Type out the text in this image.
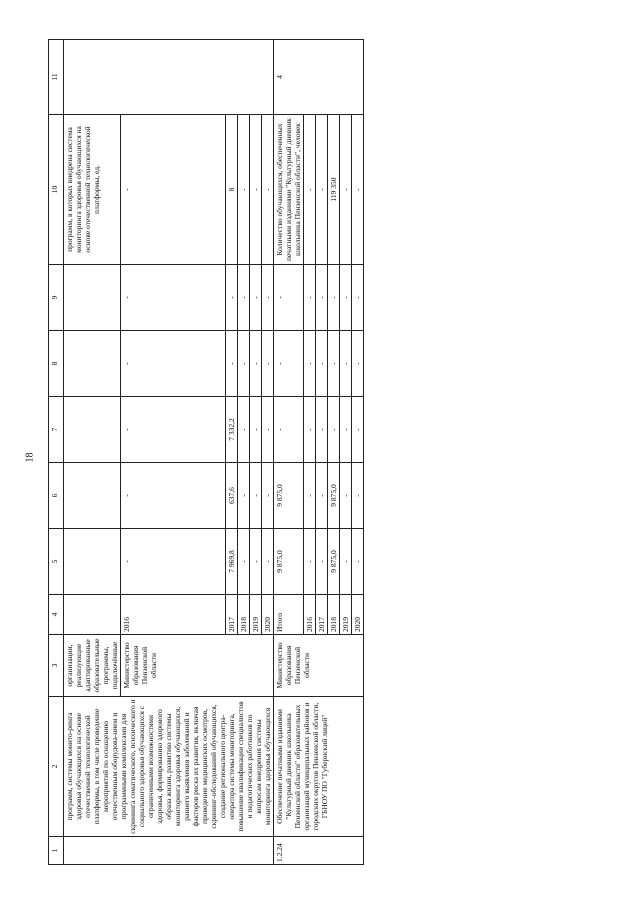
18
1	2	3	4	5	6	7	8	9	10	11
	программ, системы монито-ринга здоровья обучающихся на основе отечественной технологической платформы, в том числе проведение мероприятий по оснащению отечественным оборудова-нием и программными комплексами для скрининга соматического, психического и социального здоровья обучающихся с ограниченными возможностями здоровья, формированию здорового образа жизни, развитию системы мониторинга здоровья обучающихся, раннего выявления заболеваний и факторов риска их развития, включая проведение медицинских осмотров, скрининг-обследований обучающихся, создание регионального центра-оператора системы мониторинга, повышение квалификации специалистов и педагогических работников по вопросам внедрения системы мониторинга здоровья обучающихся	организации, реализующие адаптированные образовательные программы, подключённые							программ, в которых внедрена система мониторинга здоровья обучающихся на основе отечественной технологической платформы, ед.	
		Министерство образования Пензенской области	2016	-	-	-	-	-	-	
			2017	7 969,8	637,6	7 332,2	-	-	8	
			2018	-	-	-	-	-	-	
			2019	-	-	-	-	-	-	
			2020	-	-	-	-	-	-	
1.2.24	Обеспечение печатными изданиями "Культурный дневник школьника Пензенской области" образовательных организаций муниципальных районов и городских округов Пензенской области, ГБНОУ ПО "Губернский лицей"	Министерство образования Пензенской области	Итого	9 875,0	9 875,0	-	-	-	Количество обучающихся, обеспеченных печатными изданиями "Культурный дневник школьника Пензенской области", человек	4
			2016	-	-	-	-	-	-	
			2017	-	-	-	-	-	-	
			2018	9 875,0	9 875,0	-	-	-	119 350	
			2019	-	-	-	-	-	-	
			2020	-	-	-	-	-	-	
